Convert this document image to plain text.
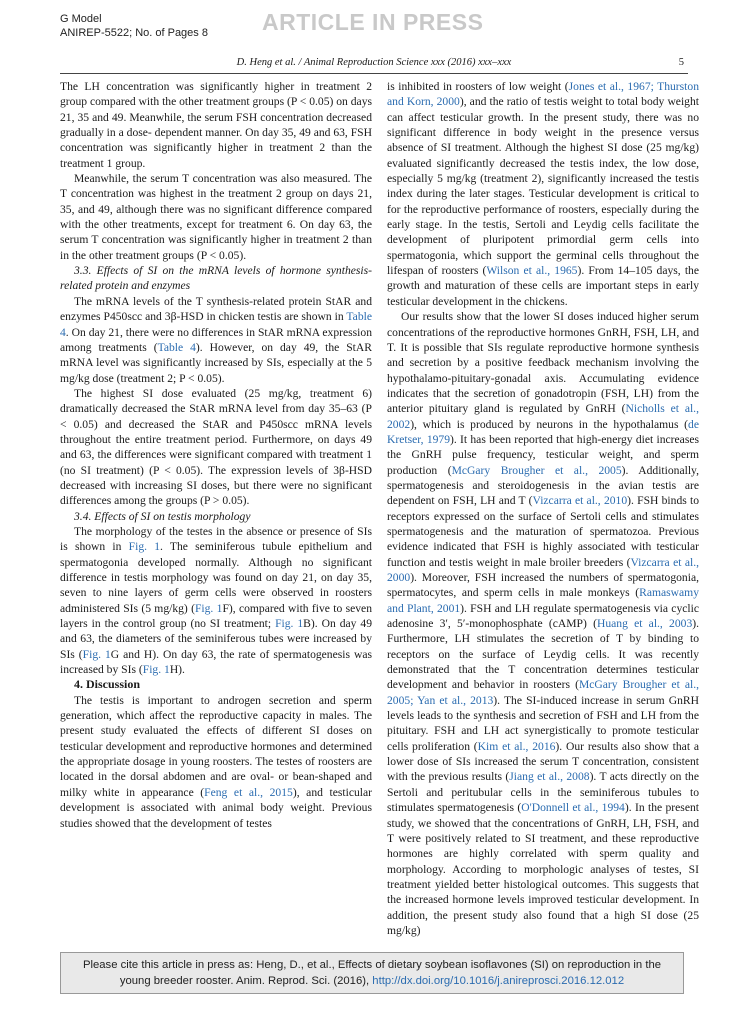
G Model
ANIREP-5522; No. of Pages 8 ARTICLE IN PRESS
D. Heng et al. / Animal Reproduction Science xxx (2016) xxx–xxx	5

The LH concentration was significantly higher in treatment 2 group compared with the other treatment groups (P < 0.05) on days 21, 35 and 49. Meanwhile, the serum FSH concentration decreased gradually in a dose- dependent manner. On day 35, 49 and 63, FSH concentration was significantly higher in treatment 2 than the treatment 1 group.

Meanwhile, the serum T concentration was also measured. The T concentration was highest in the treatment 2 group on days 21, 35, and 49, although there was no significant difference compared with the other treatments, except for treatment 6. On day 63, the serum T concentration was significantly higher in treatment 2 than in the other treatment groups (P < 0.05).

3.3. Effects of SI on the mRNA levels of hormone synthesis-related protein and enzymes

The mRNA levels of the T synthesis-related protein StAR and enzymes P450scc and 3β-HSD in chicken testis are shown in Table 4. On day 21, there were no differences in StAR mRNA expression among treatments (Table 4). However, on day 49, the StAR mRNA level was significantly increased by SIs, especially at the 5 mg/kg dose (treatment 2; P < 0.05).

The highest SI dose evaluated (25 mg/kg, treatment 6) dramatically decreased the StAR mRNA level from day 35–63 (P < 0.05) and decreased the StAR and P450scc mRNA levels throughout the entire treatment period. Furthermore, on days 49 and 63, the differences were significant compared with treatment 1 (no SI treatment) (P < 0.05). The expression levels of 3β-HSD decreased with increasing SI doses, but there were no significant differences among the groups (P > 0.05).

3.4. Effects of SI on testis morphology

The morphology of the testes in the absence or presence of SIs is shown in Fig. 1. The seminiferous tubule epithelium and spermatogonia developed normally. Although no significant difference in testis morphology was found on day 21, on day 35, seven to nine layers of germ cells were observed in roosters administered SIs (5 mg/kg) (Fig. 1F), compared with five to seven layers in the control group (no SI treatment; Fig. 1B). On day 49 and 63, the diameters of the seminiferous tubes were increased by SIs (Fig. 1G and H). On day 63, the rate of spermatogenesis was increased by SIs (Fig. 1H).

4. Discussion

The testis is important to androgen secretion and sperm generation, which affect the reproductive capacity in males. The present study evaluated the effects of different SI doses on testicular development and reproductive hormones and determined the appropriate dosage in young roosters. The testes of roosters are located in the dorsal abdomen and are oval- or bean-shaped and milky white in appearance (Feng et al., 2015), and testicular development is associated with animal body weight. Previous studies showed that the development of testes

is inhibited in roosters of low weight (Jones et al., 1967; Thurston and Korn, 2000), and the ratio of testis weight to total body weight can affect testicular growth. In the present study, there was no significant difference in body weight in the presence versus absence of SI treatment. Although the highest SI dose (25 mg/kg) evaluated significantly decreased the testis index, the low dose, especially 5 mg/kg (treatment 2), significantly increased the testis index during the later stages. Testicular development is critical to for the reproductive performance of roosters, especially during the early stage. In the testis, Sertoli and Leydig cells facilitate the development of pluripotent primordial germ cells into spermatogonia, which support the germinal cells throughout the lifespan of roosters (Wilson et al., 1965). From 14–105 days, the growth and maturation of these cells are important steps in early testicular development in the chickens.

Our results show that the lower SI doses induced higher serum concentrations of the reproductive hormones GnRH, FSH, LH, and T. It is possible that SIs regulate reproductive hormone synthesis and secretion by a positive feedback mechanism involving the hypothalamo-pituitary-gonadal axis. Accumulating evidence indicates that the secretion of gonadotropin (FSH, LH) from the anterior pituitary gland is regulated by GnRH (Nicholls et al., 2002), which is produced by neurons in the hypothalamus (de Kretser, 1979). It has been reported that high-energy diet increases the GnRH pulse frequency, testicular weight, and sperm production (McGary Brougher et al., 2005). Additionally, spermatogenesis and steroidogenesis in the avian testis are dependent on FSH, LH and T (Vizcarra et al., 2010). FSH binds to receptors expressed on the surface of Sertoli cells and stimulates spermatogenesis and the maturation of spermatozoa. Previous evidence indicated that FSH is highly associated with testicular function and testis weight in male broiler breeders (Vizcarra et al., 2000). Moreover, FSH increased the numbers of spermatogonia, spermatocytes, and sperm cells in male monkeys (Ramaswamy and Plant, 2001). FSH and LH regulate spermatogenesis via cyclic adenosine 3′, 5′-monophosphate (cAMP) (Huang et al., 2003). Furthermore, LH stimulates the secretion of T by binding to receptors on the surface of Leydig cells. It was recently demonstrated that the T concentration determines testicular development and behavior in roosters (McGary Brougher et al., 2005; Yan et al., 2013). The SI-induced increase in serum GnRH levels leads to the synthesis and secretion of FSH and LH from the pituitary. FSH and LH act synergistically to promote testicular cells proliferation (Kim et al., 2016). Our results also show that a lower dose of SIs increased the serum T concentration, consistent with the previous results (Jiang et al., 2008). T acts directly on the Sertoli and peritubular cells in the seminiferous tubules to stimulates spermatogenesis (O'Donnell et al., 1994). In the present study, we showed that the concentrations of GnRH, LH, FSH, and T were positively related to SI treatment, and these reproductive hormones are highly correlated with sperm quality and morphology. According to morphologic analyses of testes, SI treatment yielded better histological outcomes. This suggests that the increased hormone levels improved testicular development. In addition, the present study also found that a high SI dose (25 mg/kg)

Please cite this article in press as: Heng, D., et al., Effects of dietary soybean isoflavones (SI) on reproduction in the young breeder rooster. Anim. Reprod. Sci. (2016), http://dx.doi.org/10.1016/j.anireprosci.2016.12.012
